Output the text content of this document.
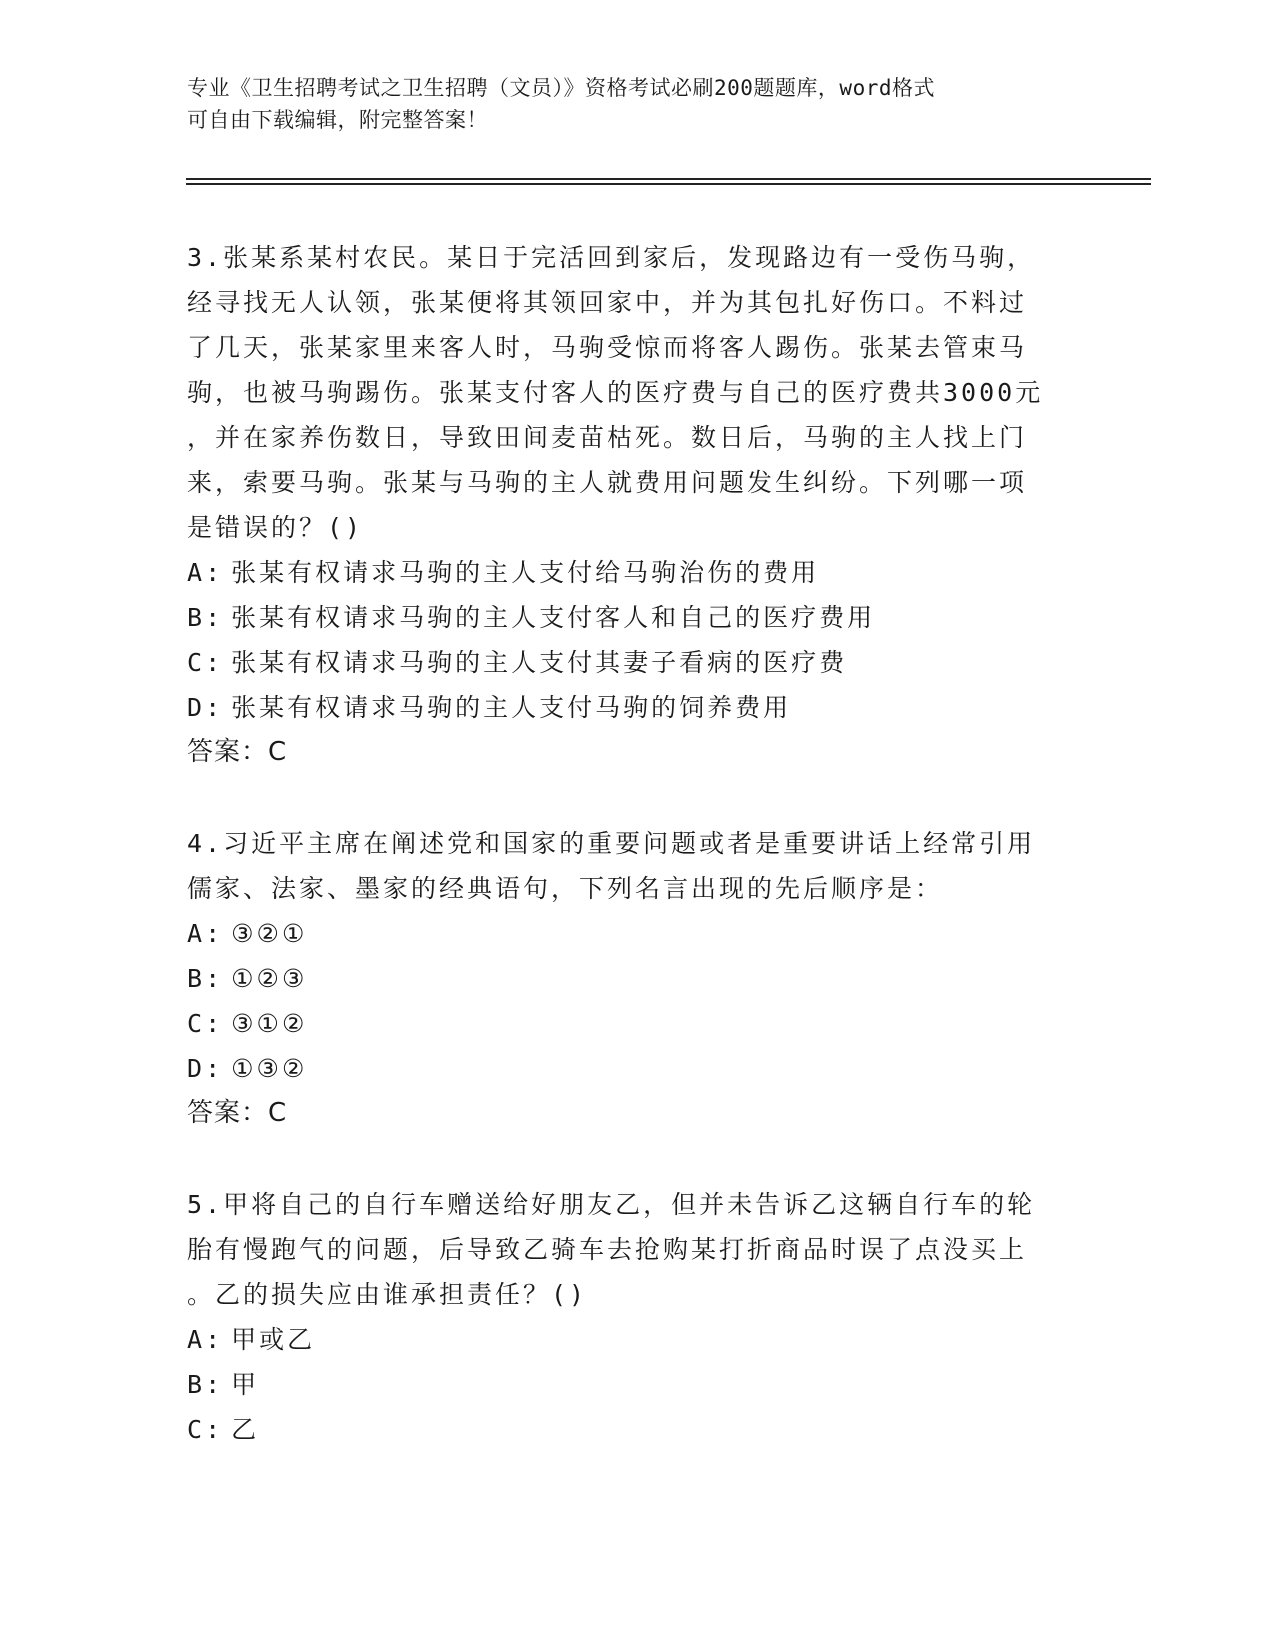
专业《卫生招聘考试之卫生招聘（文员）》资格考试必刷200题题库，word格式
可自由下载编辑，附完整答案！

3.张某系某村农民。某日于完活回到家后，发现路边有一受伤马驹，

经寻找无人认领，张某便将其领回家中，并为其包扎好伤口。不料过

了几天，张某家里来客人时，马驹受惊而将客人踢伤。张某去管束马

驹，也被马驹踢伤。张某支付客人的医疗费与自己的医疗费共3000元

，并在家养伤数日，导致田间麦苗枯死。数日后，马驹的主人找上门

来，索要马驹。张某与马驹的主人就费用问题发生纠纷。下列哪一项

是错误的？()

A : 张某有权请求马驹的主人支付给马驹治伤的费用

B : 张某有权请求马驹的主人支付客人和自己的医疗费用

C : 张某有权请求马驹的主人支付其妻子看病的医疗费

D : 张某有权请求马驹的主人支付马驹的饲养费用

答案：C

4.习近平主席在阐述党和国家的重要问题或者是重要讲话上经常引用

儒家、法家、墨家的经典语句，下列名言出现的先后顺序是：

A : ③②①

B : ①②③

C : ③①②

D : ①③②

答案：C

5.甲将自己的自行车赠送给好朋友乙，但并未告诉乙这辆自行车的轮

胎有慢跑气的问题，后导致乙骑车去抢购某打折商品时误了点没买上

。乙的损失应由谁承担责任？()

A : 甲或乙

B : 甲

C : 乙
